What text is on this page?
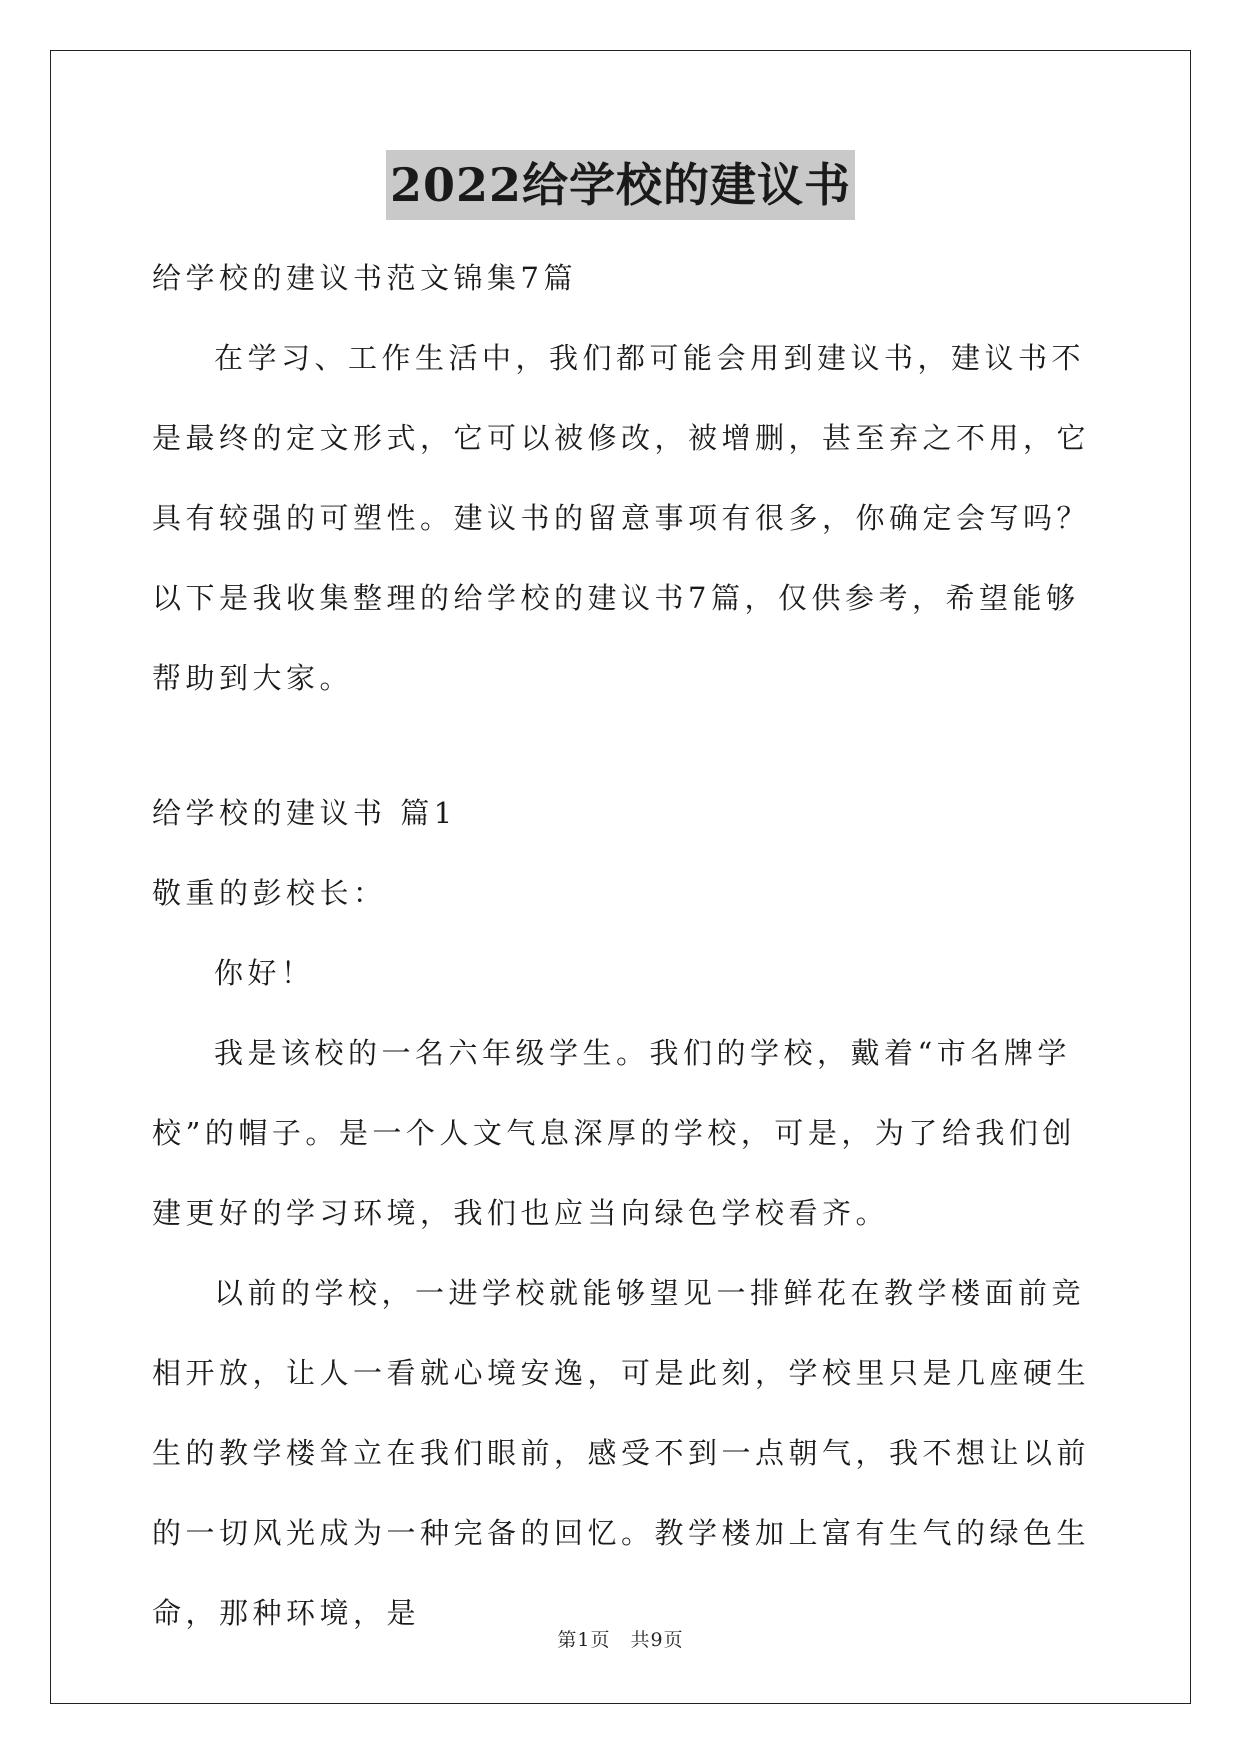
2022给学校的建议书

给学校的建议书范文锦集7篇

在学习、工作生活中，我们都可能会用到建议书，建议书不是最终的定文形式，它可以被修改，被增删，甚至弃之不用，它具有较强的可塑性。建议书的留意事项有很多，你确定会写吗？以下是我收集整理的给学校的建议书7篇，仅供参考，希望能够帮助到大家。

给学校的建议书 篇1

敬重的彭校长：

你好！

我是该校的一名六年级学生。我们的学校，戴着“市名牌学校”的帽子。是一个人文气息深厚的学校，可是，为了给我们创建更好的学习环境，我们也应当向绿色学校看齐。

以前的学校，一进学校就能够望见一排鲜花在教学楼面前竞相开放，让人一看就心境安逸，可是此刻，学校里只是几座硬生生的教学楼耸立在我们眼前，感受不到一点朝气，我不想让以前的一切风光成为一种完备的回忆。教学楼加上富有生气的绿色生命，那种环境，是

第1页 共9页
